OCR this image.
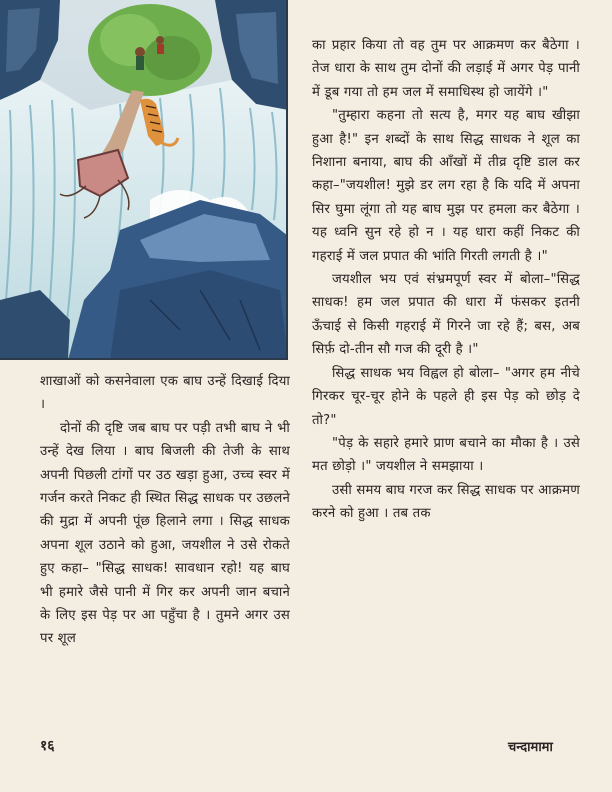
का प्रहार किया तो वह तुम पर आक्रमण कर बैठेगा । तेज धारा के साथ तुम दोनों की लड़ाई में अगर पेड़ पानी में डूब गया तो हम जल में समाधिस्थ हो जायेंगे ।"

"तुम्हारा कहना तो सत्य है, मगर यह बाघ खीझा हुआ है!" इन शब्दों के साथ सिद्ध साधक ने शूल का निशाना बनाया, बाघ की आँखों में तीव्र दृष्टि डाल कर कहा–"जयशील! मुझे डर लग रहा है कि यदि में अपना सिर घुमा लूंगा तो यह बाघ मुझ पर हमला कर बैठेगा । यह ध्वनि सुन रहे हो न । यह धारा कहीं निकट की गहराई में जल प्रपात की भांति गिरती लगती है ।"

जयशील भय एवं संभ्रमपूर्ण स्वर में बोला–"सिद्ध साधक! हम जल प्रपात की धारा में फंसकर इतनी ऊँचाई से किसी गहराई में गिरने जा रहे हैं; बस, अब सिर्फ़ दो-तीन सौ गज की दूरी है ।"

सिद्ध साधक भय विह्वल हो बोला– "अगर हम नीचे गिरकर चूर-चूर होने के पहले ही इस पेड़ को छोड़ दे तो?"

"पेड़ के सहारे हमारे प्राण बचाने का मौका है । उसे मत छोड़ो ।" जयशील ने समझाया ।

उसी समय बाघ गरज कर सिद्ध साधक पर आक्रमण करने को हुआ । तब तक

शाखाओं को कसनेवाला एक बाघ उन्हें दिखाई दिया ।

दोनों की दृष्टि जब बाघ पर पड़ी तभी बाघ ने भी उन्हें देख लिया । बाघ बिजली की तेजी के साथ अपनी पिछली टांगों पर उठ खड़ा हुआ, उच्च स्वर में गर्जन करते निकट ही स्थित सिद्ध साधक पर उछलने की मुद्रा में अपनी पूंछ हिलाने लगा । सिद्ध साधक अपना शूल उठाने को हुआ, जयशील ने उसे रोकते हुए कहा– "सिद्ध साधक! सावधान रहो! यह बाघ भी हमारे जैसे पानी में गिर कर अपनी जान बचाने के लिए इस पेड़ पर आ पहुँचा है । तुमने अगर उस पर शूल

१६	चन्दामामा
